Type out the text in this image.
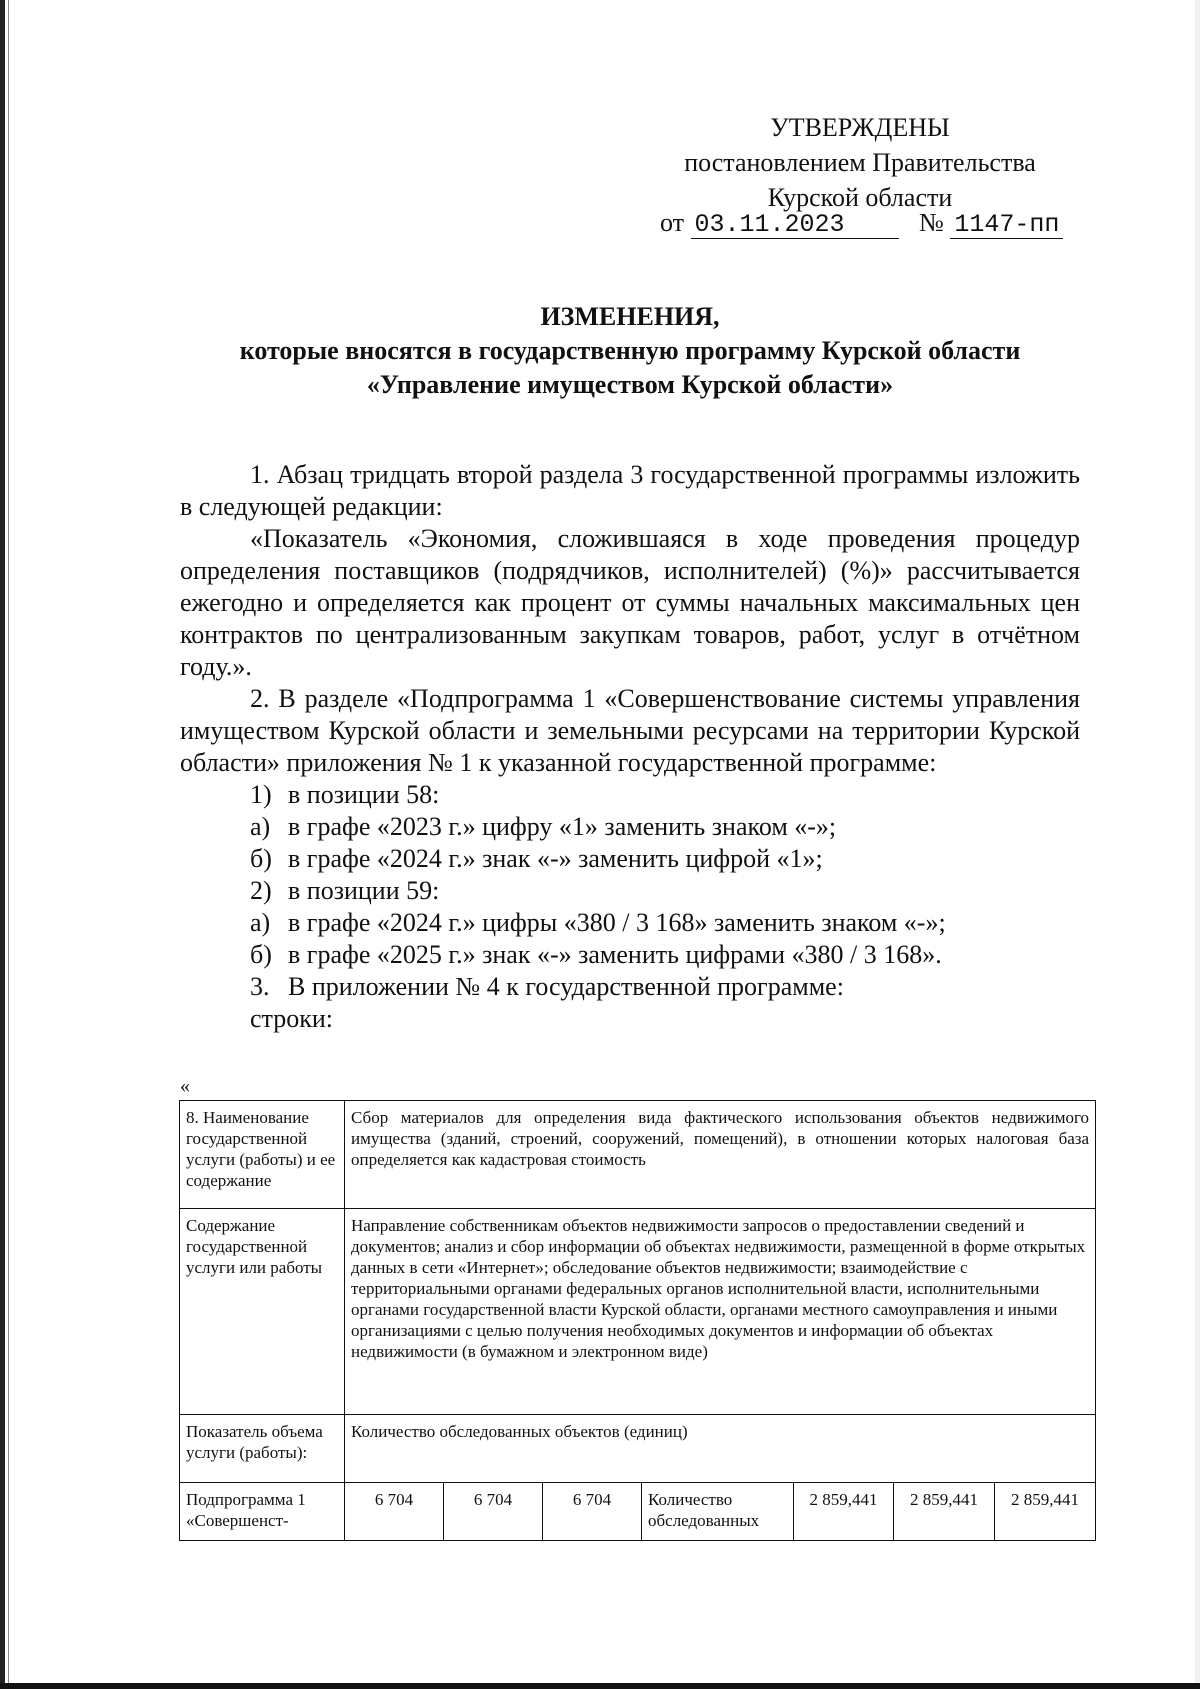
УТВЕРЖДЕНЫ
постановлением Правительства
Курской области
от 03.11.2023	№ 1147-пп
ИЗМЕНЕНИЯ,
которые вносятся в государственную программу Курской области
«Управление имуществом Курской области»

1. Абзац тридцать второй раздела 3 государственной программы изложить в следующей редакции:

«Показатель «Экономия, сложившаяся в ходе проведения процедур определения поставщиков (подрядчиков, исполнителей) (%)» рассчитывается ежегодно и определяется как процент от суммы начальных максимальных цен контрактов по централизованным закупкам товаров, работ, услуг в отчётном году.».

2. В разделе «Подпрограмма 1 «Совершенствование системы управления имуществом Курской области и земельными ресурсами на территории Курской области» приложения № 1 к указанной государственной программе:

1) в позиции 58:

а) в графе «2023 г.» цифру «1» заменить знаком «-»;

б) в графе «2024 г.» знак «-» заменить цифрой «1»;

2) в позиции 59:

а) в графе «2024 г.» цифры «380 / 3 168» заменить знаком «-»;

б) в графе «2025 г.» знак «-» заменить цифрами «380 / 3 168».

3. В приложении № 4 к государственной программе:

строки:

«
8. Наименование государственной услуги (работы) и ее содержание	Сбор материалов для определения вида фактического использования объектов недвижимого имущества (зданий, строений, сооружений, помещений), в отношении которых налоговая база определяется как кадастровая стоимость						
Содержание государственной услуги или работы	Направление собственникам объектов недвижимости запросов о предоставлении сведений и документов; анализ и сбор информации об объектах недвижимости, размещенной в форме открытых данных в сети «Интернет»; обследование объектов недвижимости; взаимодействие с территориальными органами федеральных органов исполнительной власти, исполнительными органами государственной власти Курской области, органами местного самоуправления и иными организациями с целью получения необходимых документов и информации об объектах недвижимости (в бумажном и электронном виде)						
Показатель объема услуги (работы):	Количество обследованных объектов (единиц)						
Подпрограмма 1 «Совершенст-	6 704	6 704	6 704	Количество обследованных	2 859,441	2 859,441	2 859,441
